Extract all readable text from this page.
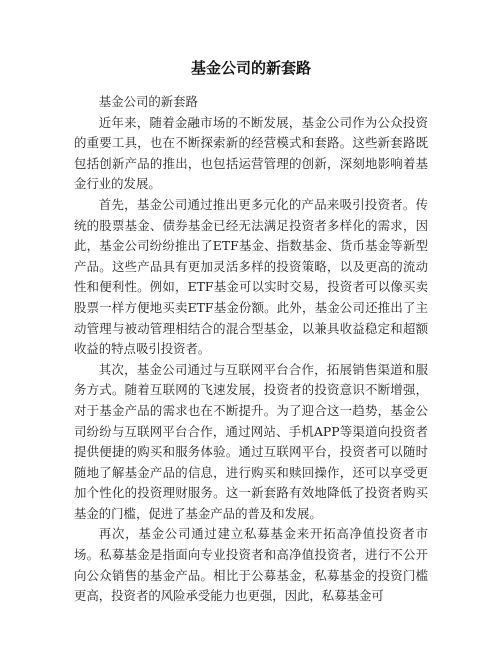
基金公司的新套路

基金公司的新套路

近年来，随着金融市场的不断发展，基金公司作为公众投资的重要工具，也在不断探索新的经营模式和套路。这些新套路既包括创新产品的推出，也包括运营管理的创新，深刻地影响着基金行业的发展。

首先，基金公司通过推出更多元化的产品来吸引投资者。传统的股票基金、债券基金已经无法满足投资者多样化的需求，因此，基金公司纷纷推出了ETF基金、指数基金、货币基金等新型产品。这些产品具有更加灵活多样的投资策略，以及更高的流动性和便利性。例如，ETF基金可以实时交易，投资者可以像买卖股票一样方便地买卖ETF基金份额。此外，基金公司还推出了主动管理与被动管理相结合的混合型基金，以兼具收益稳定和超额收益的特点吸引投资者。

其次，基金公司通过与互联网平台合作，拓展销售渠道和服务方式。随着互联网的飞速发展，投资者的投资意识不断增强，对于基金产品的需求也在不断提升。为了迎合这一趋势，基金公司纷纷与互联网平台合作，通过网站、手机APP等渠道向投资者提供便捷的购买和服务体验。通过互联网平台，投资者可以随时随地了解基金产品的信息，进行购买和赎回操作，还可以享受更加个性化的投资理财服务。这一新套路有效地降低了投资者购买基金的门槛，促进了基金产品的普及和发展。

再次，基金公司通过建立私募基金来开拓高净值投资者市场。私募基金是指面向专业投资者和高净值投资者，进行不公开向公众销售的基金产品。相比于公募基金，私募基金的投资门槛更高，投资者的风险承受能力也更强，因此，私募基金可
